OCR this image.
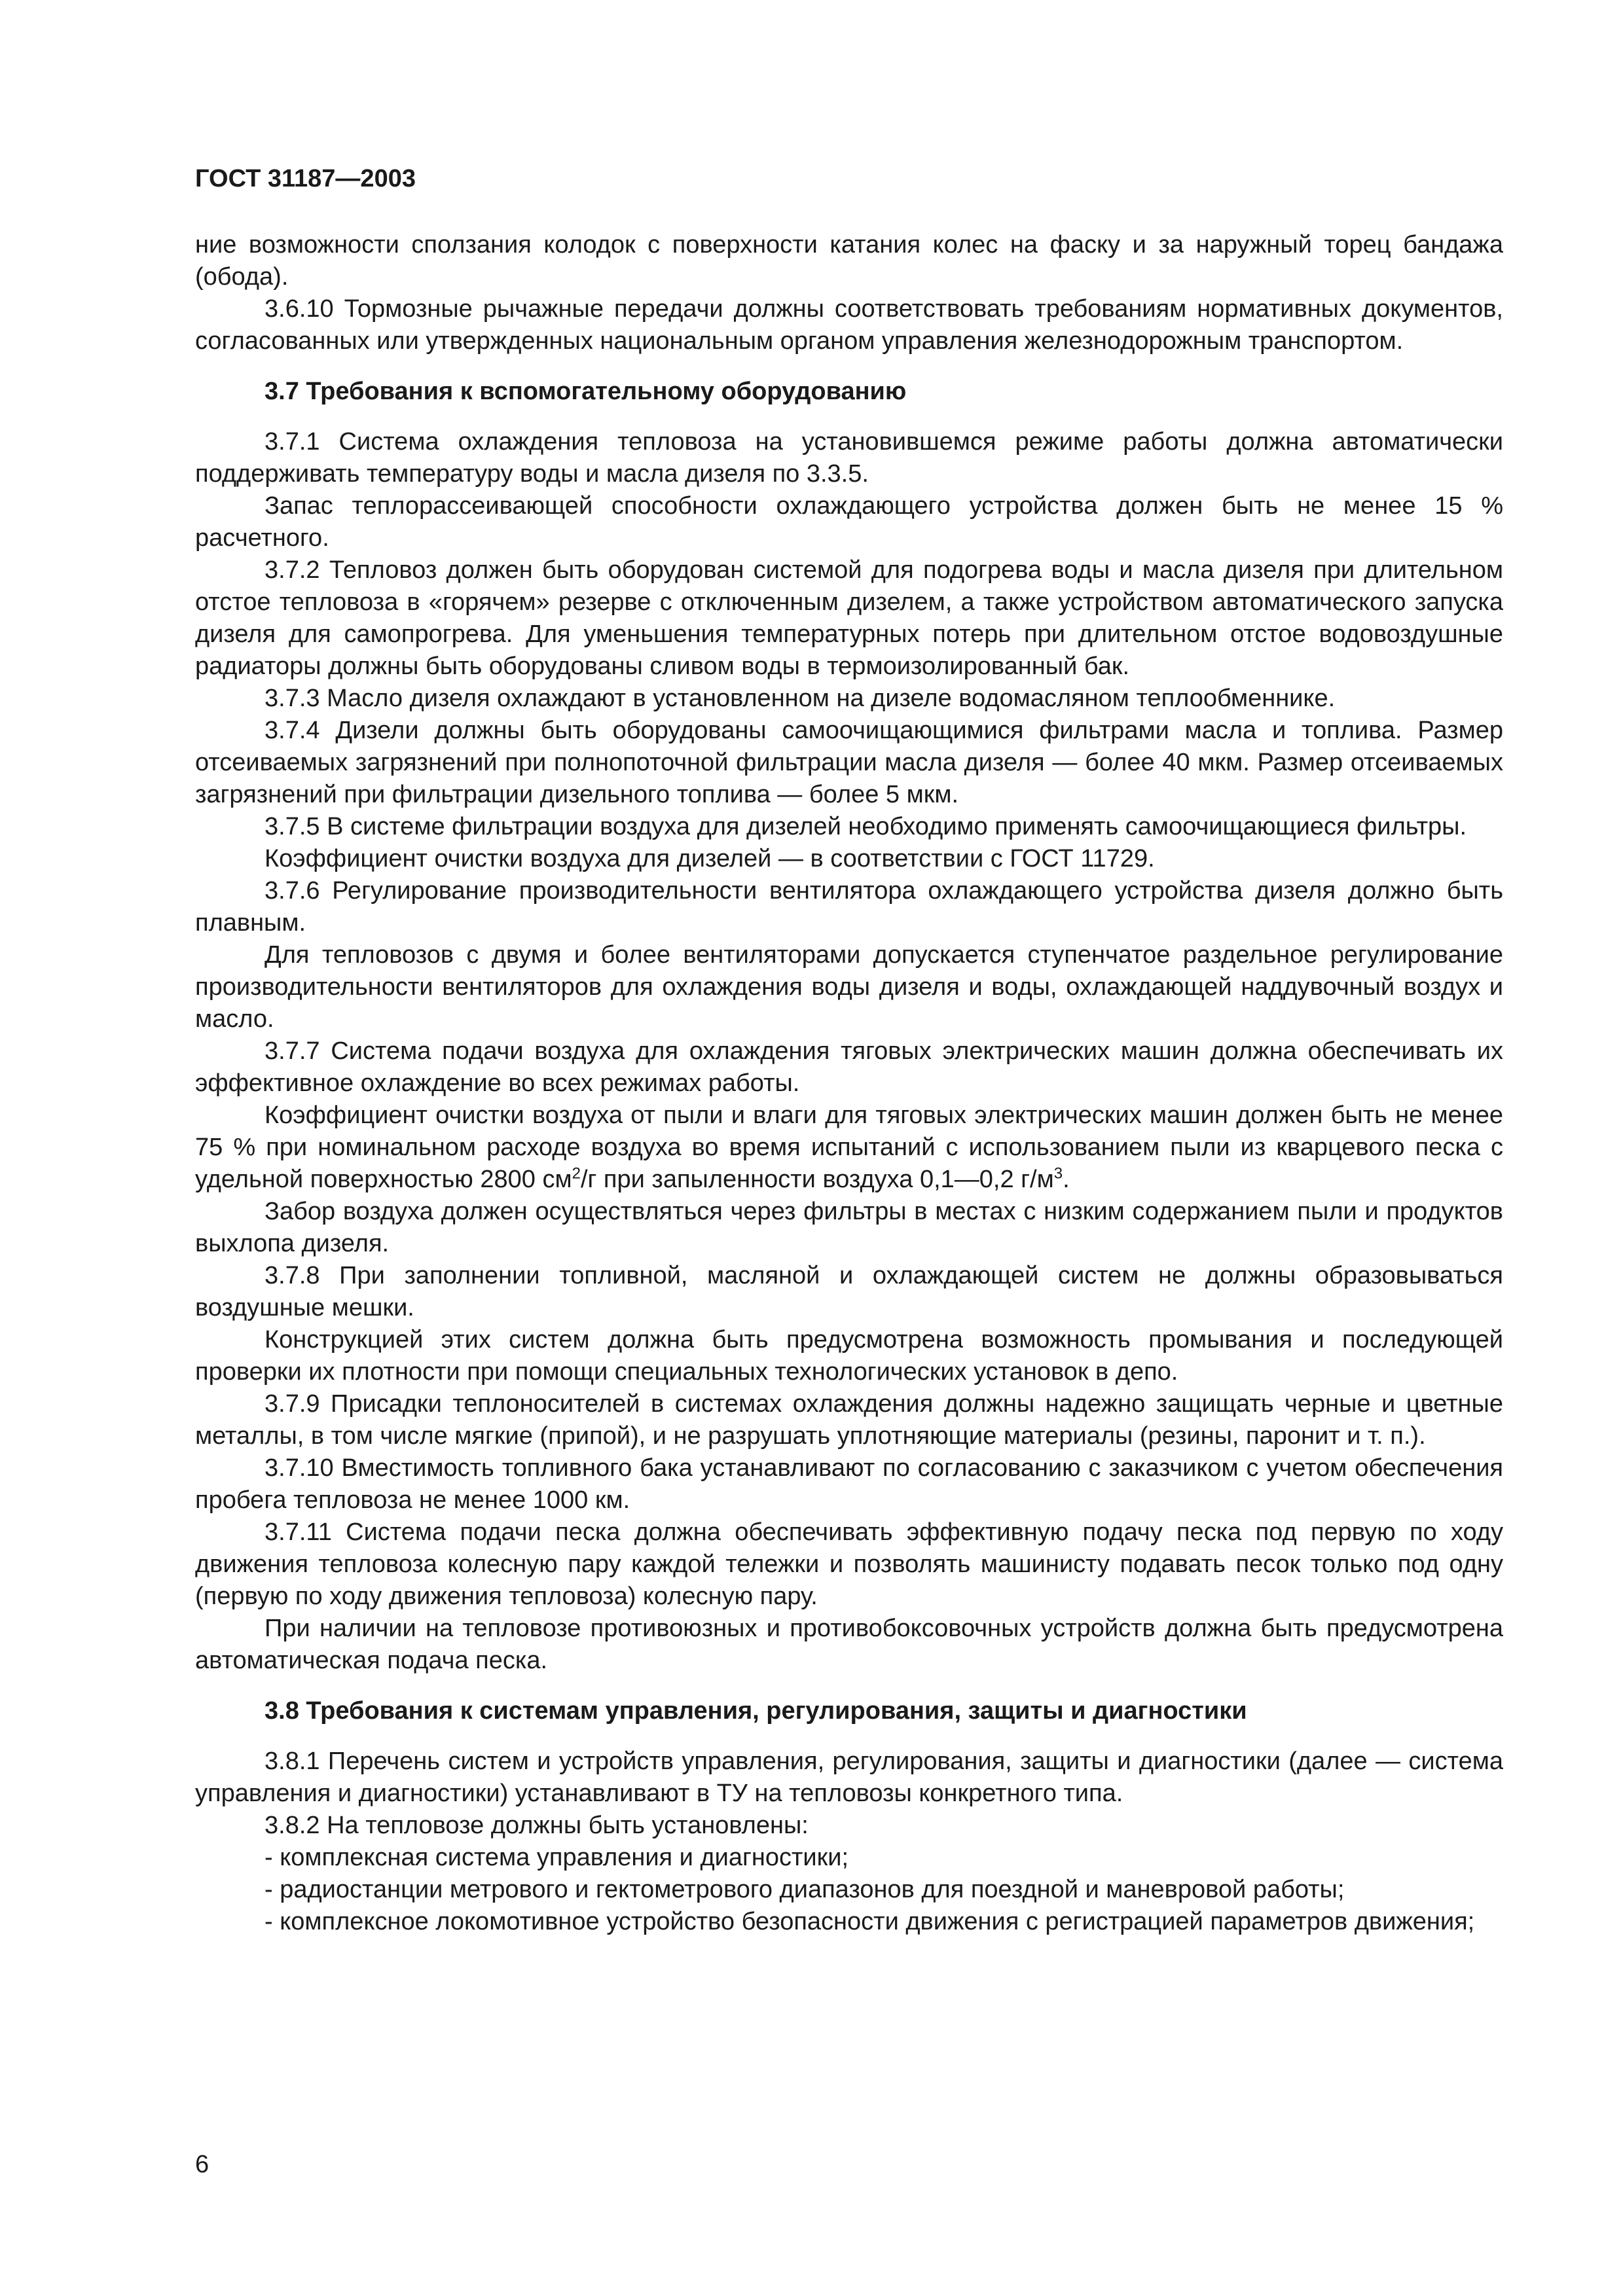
ГОСТ 31187—2003

ние возможности сползания колодок с поверхности катания колес на фаску и за наружный торец бандажа (обода).

3.6.10 Тормозные рычажные передачи должны соответствовать требованиям нормативных документов, согласованных или утвержденных национальным органом управления железнодорожным транспортом.

3.7 Требования к вспомогательному оборудованию

3.7.1 Система охлаждения тепловоза на установившемся режиме работы должна автоматически поддерживать температуру воды и масла дизеля по 3.3.5.

Запас теплорассеивающей способности охлаждающего устройства должен быть не менее 15 % расчетного.

3.7.2 Тепловоз должен быть оборудован системой для подогрева воды и масла дизеля при длительном отстое тепловоза в «горячем» резерве с отключенным дизелем, а также устройством автоматического запуска дизеля для самопрогрева. Для уменьшения температурных потерь при длительном отстое водовоздушные радиаторы должны быть оборудованы сливом воды в термоизолированный бак.

3.7.3 Масло дизеля охлаждают в установленном на дизеле водомасляном теплообменнике.

3.7.4 Дизели должны быть оборудованы самоочищающимися фильтрами масла и топлива. Размер отсеиваемых загрязнений при полнопоточной фильтрации масла дизеля — более 40 мкм. Размер отсеиваемых загрязнений при фильтрации дизельного топлива — более 5 мкм.

3.7.5 В системе фильтрации воздуха для дизелей необходимо применять самоочищающиеся фильтры.

Коэффициент очистки воздуха для дизелей — в соответствии с ГОСТ 11729.

3.7.6 Регулирование производительности вентилятора охлаждающего устройства дизеля должно быть плавным.

Для тепловозов с двумя и более вентиляторами допускается ступенчатое раздельное регулирование производительности вентиляторов для охлаждения воды дизеля и воды, охлаждающей наддувочный воздух и масло.

3.7.7 Система подачи воздуха для охлаждения тяговых электрических машин должна обеспечивать их эффективное охлаждение во всех режимах работы.

Коэффициент очистки воздуха от пыли и влаги для тяговых электрических машин должен быть не менее 75 % при номинальном расходе воздуха во время испытаний с использованием пыли из кварцевого песка с удельной поверхностью 2800 $см^2/г$ при запыленности воздуха 0,1—0,2 $г/м^3$.

Забор воздуха должен осуществляться через фильтры в местах с низким содержанием пыли и продуктов выхлопа дизеля.

3.7.8 При заполнении топливной, масляной и охлаждающей систем не должны образовываться воздушные мешки.

Конструкцией этих систем должна быть предусмотрена возможность промывания и последующей проверки их плотности при помощи специальных технологических установок в депо.

3.7.9 Присадки теплоносителей в системах охлаждения должны надежно защищать черные и цветные металлы, в том числе мягкие (припой), и не разрушать уплотняющие материалы (резины, паронит и т. п.).

3.7.10 Вместимость топливного бака устанавливают по согласованию с заказчиком с учетом обеспечения пробега тепловоза не менее 1000 км.

3.7.11 Система подачи песка должна обеспечивать эффективную подачу песка под первую по ходу движения тепловоза колесную пару каждой тележки и позволять машинисту подавать песок только под одну (первую по ходу движения тепловоза) колесную пару.

При наличии на тепловозе противоюзных и противобоксовочных устройств должна быть предусмотрена автоматическая подача песка.

3.8 Требования к системам управления, регулирования, защиты и диагностики

3.8.1 Перечень систем и устройств управления, регулирования, защиты и диагностики (далее — система управления и диагностики) устанавливают в ТУ на тепловозы конкретного типа.

3.8.2 На тепловозе должны быть установлены:

- комплексная система управления и диагностики;

- радиостанции метрового и гектометрового диапазонов для поездной и маневровой работы;

- комплексное локомотивное устройство безопасности движения с регистрацией параметров движения;

6
